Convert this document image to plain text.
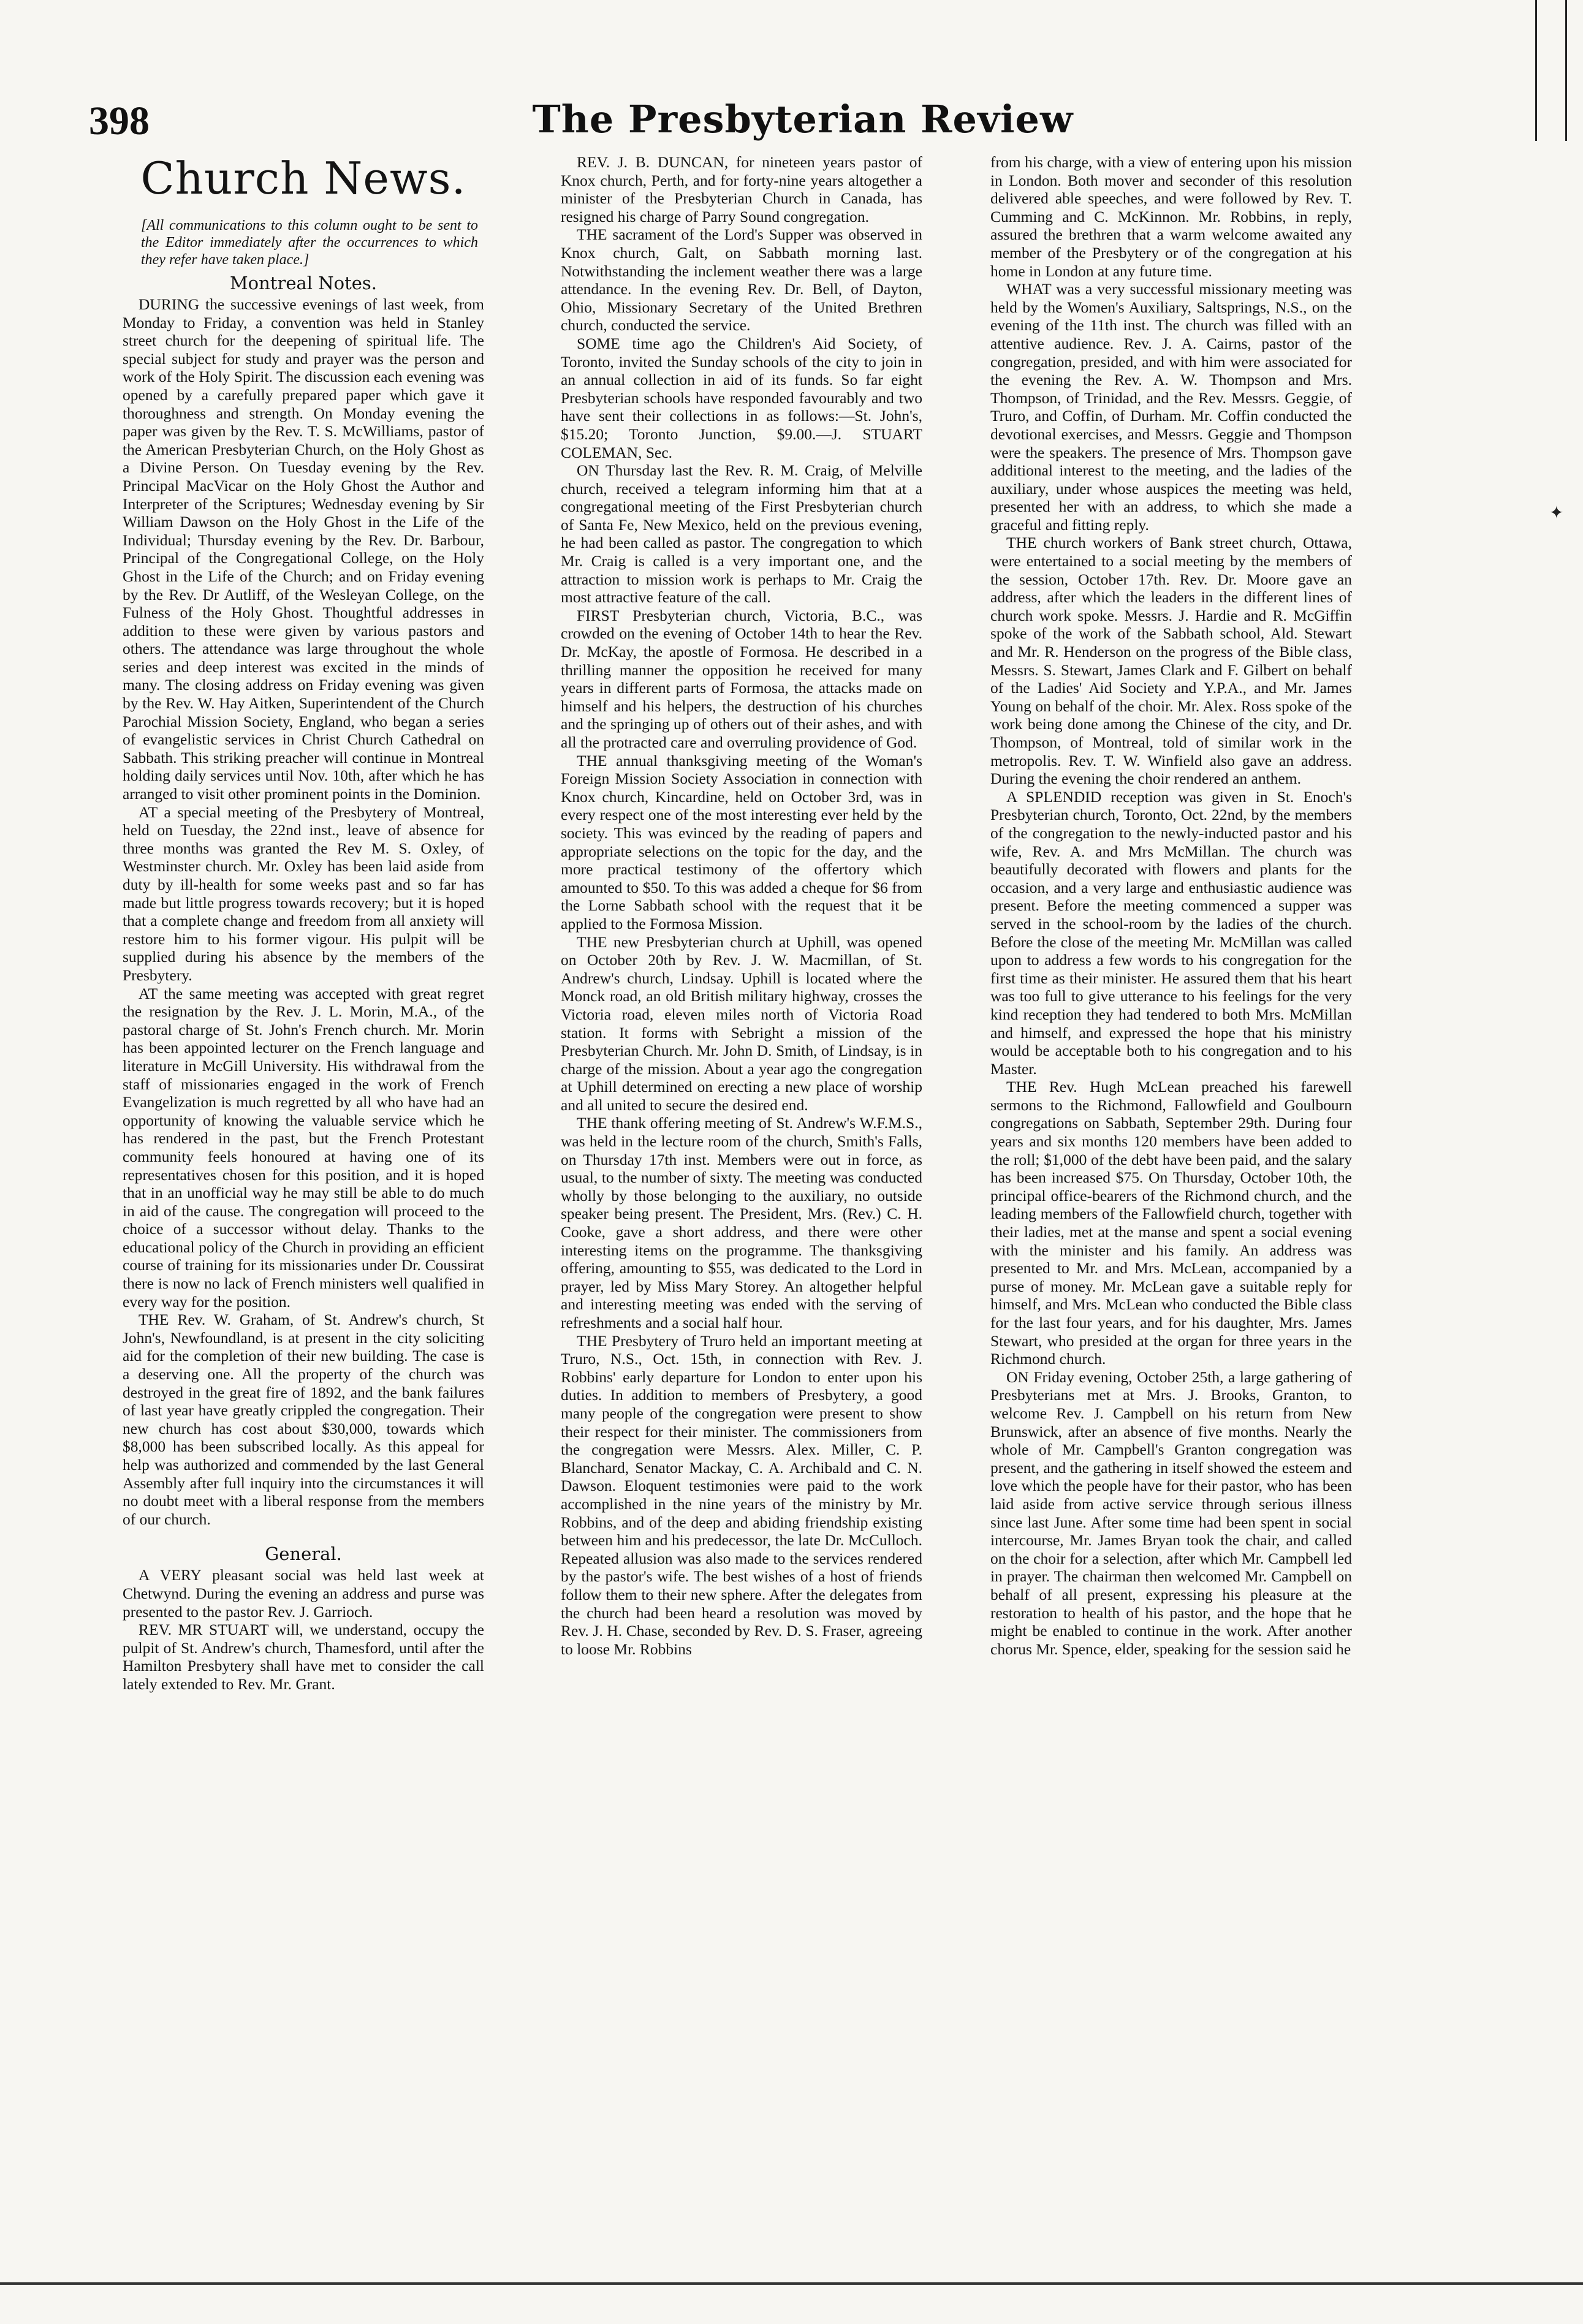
✦
398	The Presbyterian Review
Church News.

[All communications to this column ought to be sent to the Editor immediately after the occurrences to which they refer have taken place.]

Montreal Notes.

DURING the successive evenings of last week, from Monday to Friday, a convention was held in Stanley street church for the deepening of spiritual life. The special subject for study and prayer was the person and work of the Holy Spirit. The discussion each evening was opened by a carefully prepared paper which gave it thoroughness and strength. On Monday evening the paper was given by the Rev. T. S. McWilliams, pastor of the American Presbyterian Church, on the Holy Ghost as a Divine Person. On Tuesday evening by the Rev. Principal MacVicar on the Holy Ghost the Author and Interpreter of the Scriptures; Wednesday evening by Sir William Dawson on the Holy Ghost in the Life of the Individual; Thursday evening by the Rev. Dr. Barbour, Principal of the Congregational College, on the Holy Ghost in the Life of the Church; and on Friday evening by the Rev. Dr Autliff, of the Wesleyan College, on the Fulness of the Holy Ghost. Thoughtful addresses in addition to these were given by various pastors and others. The attendance was large throughout the whole series and deep interest was excited in the minds of many. The closing address on Friday evening was given by the Rev. W. Hay Aitken, Superintendent of the Church Parochial Mission Society, England, who began a series of evangelistic services in Christ Church Cathedral on Sabbath. This striking preacher will continue in Montreal holding daily services until Nov. 10th, after which he has arranged to visit other prominent points in the Dominion.

AT a special meeting of the Presbytery of Montreal, held on Tuesday, the 22nd inst., leave of absence for three months was granted the Rev M. S. Oxley, of Westminster church. Mr. Oxley has been laid aside from duty by ill-health for some weeks past and so far has made but little progress towards recovery; but it is hoped that a complete change and freedom from all anxiety will restore him to his former vigour. His pulpit will be supplied during his absence by the members of the Presbytery.

AT the same meeting was accepted with great regret the resignation by the Rev. J. L. Morin, M.A., of the pastoral charge of St. John's French church. Mr. Morin has been appointed lecturer on the French language and literature in McGill University. His withdrawal from the staff of missionaries engaged in the work of French Evangelization is much regretted by all who have had an opportunity of knowing the valuable service which he has rendered in the past, but the French Protestant community feels honoured at having one of its representatives chosen for this position, and it is hoped that in an unofficial way he may still be able to do much in aid of the cause. The congregation will proceed to the choice of a successor without delay. Thanks to the educational policy of the Church in providing an efficient course of training for its missionaries under Dr. Coussirat there is now no lack of French ministers well qualified in every way for the position.

THE Rev. W. Graham, of St. Andrew's church, St John's, Newfoundland, is at present in the city soliciting aid for the completion of their new building. The case is a deserving one. All the property of the church was destroyed in the great fire of 1892, and the bank failures of last year have greatly crippled the congregation. Their new church has cost about $30,000, towards which $8,000 has been subscribed locally. As this appeal for help was authorized and commended by the last General Assembly after full inquiry into the circumstances it will no doubt meet with a liberal response from the members of our church.

General.

A VERY pleasant social was held last week at Chetwynd. During the evening an address and purse was presented to the pastor Rev. J. Garrioch.

REV. MR STUART will, we understand, occupy the pulpit of St. Andrew's church, Thamesford, until after the Hamilton Presbytery shall have met to consider the call lately extended to Rev. Mr. Grant.

REV. J. B. DUNCAN, for nineteen years pastor of Knox church, Perth, and for forty-nine years altogether a minister of the Presbyterian Church in Canada, has resigned his charge of Parry Sound congregation.

THE sacrament of the Lord's Supper was observed in Knox church, Galt, on Sabbath morning last. Notwithstanding the inclement weather there was a large attendance. In the evening Rev. Dr. Bell, of Dayton, Ohio, Missionary Secretary of the United Brethren church, conducted the service.

SOME time ago the Children's Aid Society, of Toronto, invited the Sunday schools of the city to join in an annual collection in aid of its funds. So far eight Presbyterian schools have responded favourably and two have sent their collections in as follows:—St. John's, $15.20; Toronto Junction, $9.00.—J. STUART COLEMAN, Sec.

ON Thursday last the Rev. R. M. Craig, of Melville church, received a telegram informing him that at a congregational meeting of the First Presbyterian church of Santa Fe, New Mexico, held on the previous evening, he had been called as pastor. The congregation to which Mr. Craig is called is a very important one, and the attraction to mission work is perhaps to Mr. Craig the most attractive feature of the call.

FIRST Presbyterian church, Victoria, B.C., was crowded on the evening of October 14th to hear the Rev. Dr. McKay, the apostle of Formosa. He described in a thrilling manner the opposition he received for many years in different parts of Formosa, the attacks made on himself and his helpers, the destruction of his churches and the springing up of others out of their ashes, and with all the protracted care and overruling providence of God.

THE annual thanksgiving meeting of the Woman's Foreign Mission Society Association in connection with Knox church, Kincardine, held on October 3rd, was in every respect one of the most interesting ever held by the society. This was evinced by the reading of papers and appropriate selections on the topic for the day, and the more practical testimony of the offertory which amounted to $50. To this was added a cheque for $6 from the Lorne Sabbath school with the request that it be applied to the Formosa Mission.

THE new Presbyterian church at Uphill, was opened on October 20th by Rev. J. W. Macmillan, of St. Andrew's church, Lindsay. Uphill is located where the Monck road, an old British military highway, crosses the Victoria road, eleven miles north of Victoria Road station. It forms with Sebright a mission of the Presbyterian Church. Mr. John D. Smith, of Lindsay, is in charge of the mission. About a year ago the congregation at Uphill determined on erecting a new place of worship and all united to secure the desired end.

THE thank offering meeting of St. Andrew's W.F.M.S., was held in the lecture room of the church, Smith's Falls, on Thursday 17th inst. Members were out in force, as usual, to the number of sixty. The meeting was conducted wholly by those belonging to the auxiliary, no outside speaker being present. The President, Mrs. (Rev.) C. H. Cooke, gave a short address, and there were other interesting items on the programme. The thanksgiving offering, amounting to $55, was dedicated to the Lord in prayer, led by Miss Mary Storey. An altogether helpful and interesting meeting was ended with the serving of refreshments and a social half hour.

THE Presbytery of Truro held an important meeting at Truro, N.S., Oct. 15th, in connection with Rev. J. Robbins' early departure for London to enter upon his duties. In addition to members of Presbytery, a good many people of the congregation were present to show their respect for their minister. The commissioners from the congregation were Messrs. Alex. Miller, C. P. Blanchard, Senator Mackay, C. A. Archibald and C. N. Dawson. Eloquent testimonies were paid to the work accomplished in the nine years of the ministry by Mr. Robbins, and of the deep and abiding friendship existing between him and his predecessor, the late Dr. McCulloch. Repeated allusion was also made to the services rendered by the pastor's wife. The best wishes of a host of friends follow them to their new sphere. After the delegates from the church had been heard a resolution was moved by Rev. J. H. Chase, seconded by Rev. D. S. Fraser, agreeing to loose Mr. Robbins

from his charge, with a view of entering upon his mission in London. Both mover and seconder of this resolution delivered able speeches, and were followed by Rev. T. Cumming and C. McKinnon. Mr. Robbins, in reply, assured the brethren that a warm welcome awaited any member of the Presbytery or of the congregation at his home in London at any future time.

WHAT was a very successful missionary meeting was held by the Women's Auxiliary, Saltsprings, N.S., on the evening of the 11th inst. The church was filled with an attentive audience. Rev. J. A. Cairns, pastor of the congregation, presided, and with him were associated for the evening the Rev. A. W. Thompson and Mrs. Thompson, of Trinidad, and the Rev. Messrs. Geggie, of Truro, and Coffin, of Durham. Mr. Coffin conducted the devotional exercises, and Messrs. Geggie and Thompson were the speakers. The presence of Mrs. Thompson gave additional interest to the meeting, and the ladies of the auxiliary, under whose auspices the meeting was held, presented her with an address, to which she made a graceful and fitting reply.

THE church workers of Bank street church, Ottawa, were entertained to a social meeting by the members of the session, October 17th. Rev. Dr. Moore gave an address, after which the leaders in the different lines of church work spoke. Messrs. J. Hardie and R. McGiffin spoke of the work of the Sabbath school, Ald. Stewart and Mr. R. Henderson on the progress of the Bible class, Messrs. S. Stewart, James Clark and F. Gilbert on behalf of the Ladies' Aid Society and Y.P.A., and Mr. James Young on behalf of the choir. Mr. Alex. Ross spoke of the work being done among the Chinese of the city, and Dr. Thompson, of Montreal, told of similar work in the metropolis. Rev. T. W. Winfield also gave an address. During the evening the choir rendered an anthem.

A SPLENDID reception was given in St. Enoch's Presbyterian church, Toronto, Oct. 22nd, by the members of the congregation to the newly-inducted pastor and his wife, Rev. A. and Mrs McMillan. The church was beautifully decorated with flowers and plants for the occasion, and a very large and enthusiastic audience was present. Before the meeting commenced a supper was served in the school-room by the ladies of the church. Before the close of the meeting Mr. McMillan was called upon to address a few words to his congregation for the first time as their minister. He assured them that his heart was too full to give utterance to his feelings for the very kind reception they had tendered to both Mrs. McMillan and himself, and expressed the hope that his ministry would be acceptable both to his congregation and to his Master.

THE Rev. Hugh McLean preached his farewell sermons to the Richmond, Fallowfield and Goulbourn congregations on Sabbath, September 29th. During four years and six months 120 members have been added to the roll; $1,000 of the debt have been paid, and the salary has been increased $75. On Thursday, October 10th, the principal office-bearers of the Richmond church, and the leading members of the Fallowfield church, together with their ladies, met at the manse and spent a social evening with the minister and his family. An address was presented to Mr. and Mrs. McLean, accompanied by a purse of money. Mr. McLean gave a suitable reply for himself, and Mrs. McLean who conducted the Bible class for the last four years, and for his daughter, Mrs. James Stewart, who presided at the organ for three years in the Richmond church.

ON Friday evening, October 25th, a large gathering of Presbyterians met at Mrs. J. Brooks, Granton, to welcome Rev. J. Campbell on his return from New Brunswick, after an absence of five months. Nearly the whole of Mr. Campbell's Granton congregation was present, and the gathering in itself showed the esteem and love which the people have for their pastor, who has been laid aside from active service through serious illness since last June. After some time had been spent in social intercourse, Mr. James Bryan took the chair, and called on the choir for a selection, after which Mr. Campbell led in prayer. The chairman then welcomed Mr. Campbell on behalf of all present, expressing his pleasure at the restoration to health of his pastor, and the hope that he might be enabled to continue in the work. After another chorus Mr. Spence, elder, speaking for the session said he
